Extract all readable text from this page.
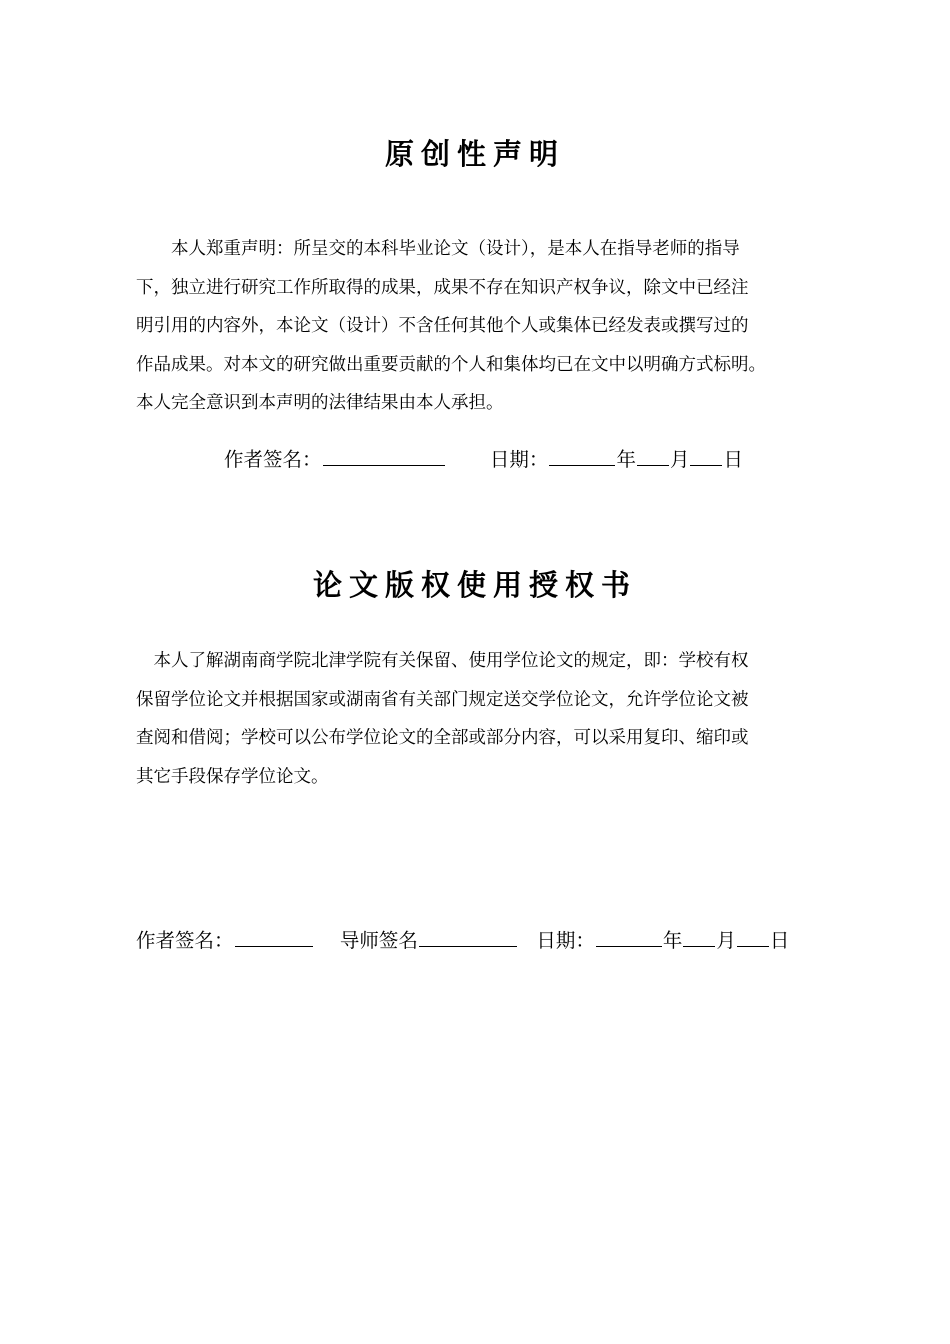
原创性声明
　　本人郑重声明：所呈交的本科毕业论文（设计），是本人在指导老师的指导
下，独立进行研究工作所取得的成果，成果不存在知识产权争议，除文中已经注
明引用的内容外，本论文（设计）不含任何其他个人或集体已经发表或撰写过的
作品成果。对本文的研究做出重要贡献的个人和集体均已在文中以明确方式标明。
本人完全意识到本声明的法律结果由本人承担。
作者签名：	日期：	年 月 日
论文版权使用授权书
　本人了解湖南商学院北津学院有关保留、使用学位论文的规定，即：学校有权
保留学位论文并根据国家或湖南省有关部门规定送交学位论文，允许学位论文被
查阅和借阅；学校可以公布学位论文的全部或部分内容，可以采用复印、缩印或
其它手段保存学位论文。
作者签名：	导师签名	日期：	年 月 日
